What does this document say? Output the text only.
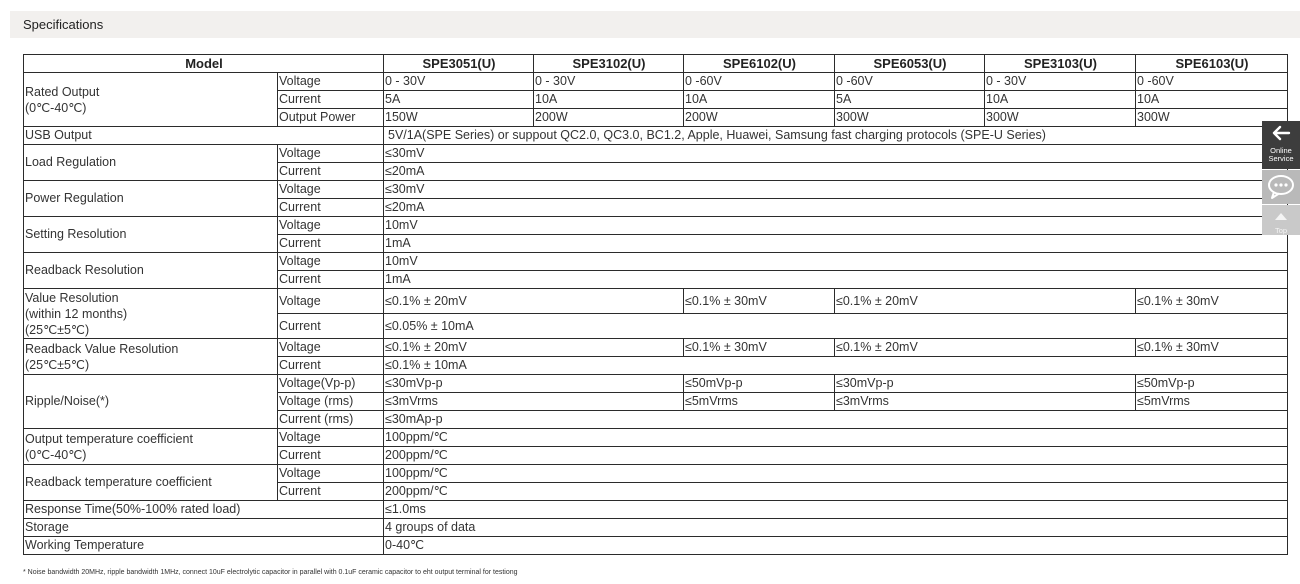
Specifications
Model		SPE3051(U)	SPE3102(U)	SPE6102(U)	SPE6053(U)	SPE3103(U)	SPE6103(U)
Rated Output
(0℃-40℃)	Voltage	0 - 30V	0 - 30V	0 -60V	0 -60V	0 - 30V	0 -60V
	Current	5A	10A	10A	5A	10A	10A
	Output Power	150W	200W	200W	300W	300W	300W
USB Output		5V/1A(SPE Series) or suppout QC2.0, QC3.0, BC1.2, Apple, Huawei, Samsung fast charging protocols (SPE-U Series)					
Load Regulation	Voltage	≤30mV					
	Current	≤20mA					
Power Regulation	Voltage	≤30mV					
	Current	≤20mA					
Setting Resolution	Voltage	10mV					
	Current	1mA					
Readback Resolution	Voltage	10mV					
	Current	1mA					
Value Resolution
(within 12 months)
(25℃±5℃)	Voltage	≤0.1% ± 20mV		≤0.1% ± 30mV	≤0.1% ± 20mV		≤0.1% ± 30mV
	Current	≤0.05% ± 10mA					
Readback Value Resolution
(25℃±5℃)	Voltage	≤0.1% ± 20mV		≤0.1% ± 30mV	≤0.1% ± 20mV		≤0.1% ± 30mV
	Current	≤0.1% ± 10mA					
Ripple/Noise(*)	Voltage(Vp-p)	≤30mVp-p		≤50mVp-p	≤30mVp-p		≤50mVp-p
	Voltage (rms)	≤3mVrms		≤5mVrms	≤3mVrms		≤5mVrms
	Current (rms)	≤30mAp-p					
Output temperature coefficient
(0℃-40℃)	Voltage	100ppm/℃					
	Current	200ppm/℃					
Readback temperature coefficient	Voltage	100ppm/℃					
	Current	200ppm/℃					
Response Time(50%-100% rated load)		≤1.0ms					
Storage		4 groups of data					
Working Temperature		0-40℃					
* Noise bandwidth 20MHz, ripple bandwidth 1MHz, connect 10uF electrolytic capacitor in parallel with 0.1uF ceramic capacitor to eht output terminal for testiong
Online
Service
Top
